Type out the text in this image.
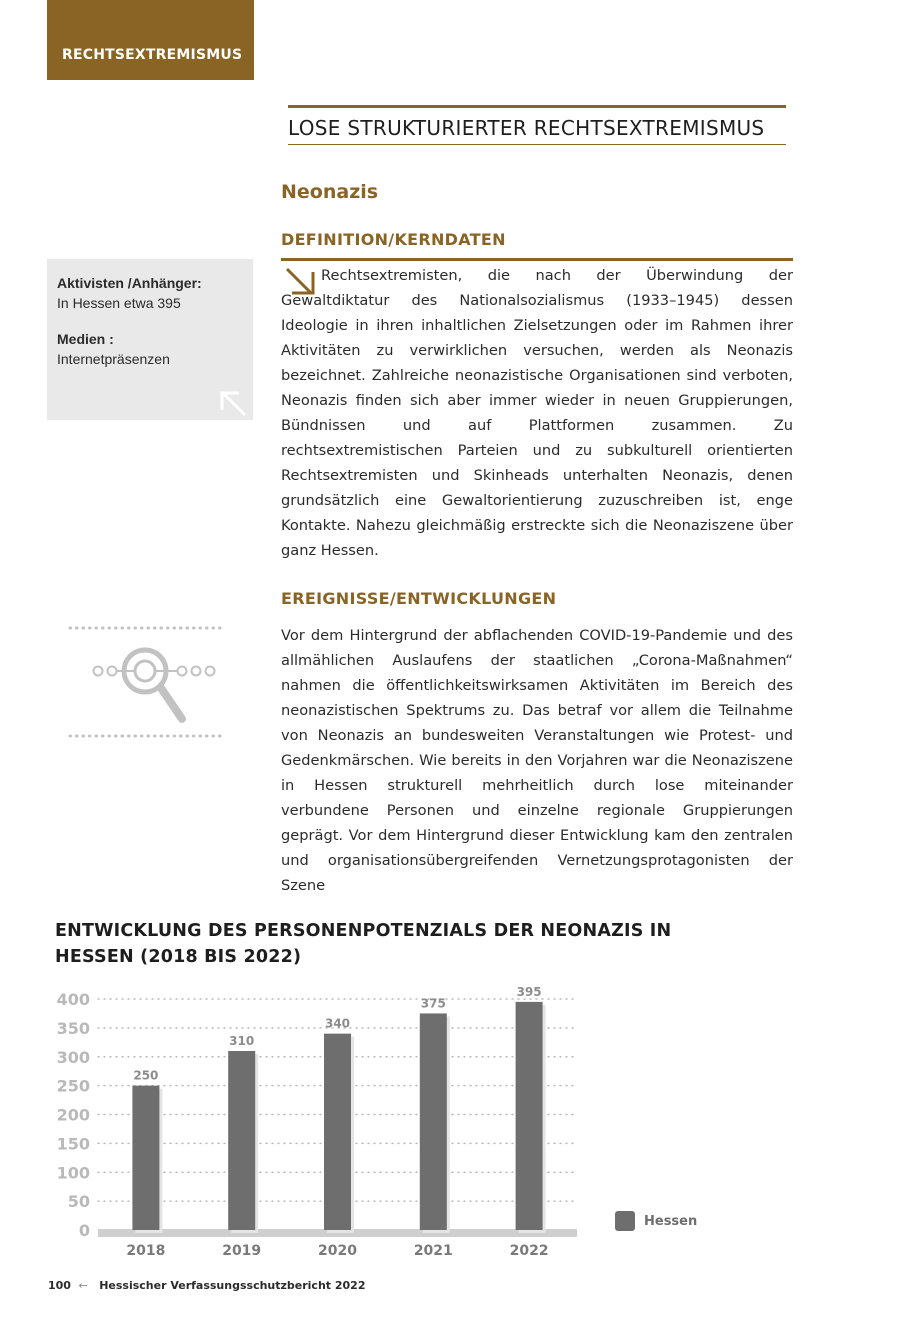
RECHTSEXTREMISMUS
LOSE STRUKTURIERTER RECHTSEXTREMISMUS
Neonazis
DEFINITION/KERNDATEN
Rechtsextremisten, die nach der Überwindung der Gewaltdiktatur des Nationalsozialismus (1933–1945) dessen Ideologie in ihren inhaltlichen Zielsetzungen oder im Rahmen ihrer Aktivitäten zu verwirklichen versuchen, werden als Neonazis bezeichnet. Zahlreiche neonazistische Organisationen sind verboten, Neonazis finden sich aber immer wieder in neuen Gruppierungen, Bündnissen und auf Plattformen zusammen. Zu rechtsextremistischen Parteien und zu subkulturell orientierten Rechtsextremisten und Skinheads unterhalten Neonazis, denen grundsätzlich eine Gewaltorientierung zuzuschreiben ist, enge Kontakte. Nahezu gleichmäßig erstreckte sich die Neonaziszene über ganz Hessen.
Aktivisten /Anhänger:
In Hessen etwa 395
Medien :
Internetpräsenzen
EREIGNISSE/ENTWICKLUNGEN
Vor dem Hintergrund der abflachenden COVID-19-Pandemie und des allmählichen Auslaufens der staatlichen „Corona-Maßnahmen“ nahmen die öffentlichkeitswirksamen Aktivitäten im Bereich des neonazistischen Spektrums zu. Das betraf vor allem die Teilnahme von Neonazis an bundesweiten Veranstaltungen wie Protest- und Gedenkmärschen. Wie bereits in den Vorjahren war die Neonaziszene in Hessen strukturell mehrheitlich durch lose miteinander verbundene Personen und einzelne regionale Gruppierungen geprägt. Vor dem Hintergrund dieser Entwicklung kam den zentralen und organisationsübergreifenden Vernetzungsprotagonisten der Szene
ENTWICKLUNG DES PERSONENPOTENZIALS DER NEONAZIS IN HESSEN (2018 BIS 2022)
0
50
100
150
200
250
300
350
400
250
2018
310
2019
340
2020
375
2021
395
2022
Hessen
100 ← Hessischer Verfassungsschutzbericht 2022
